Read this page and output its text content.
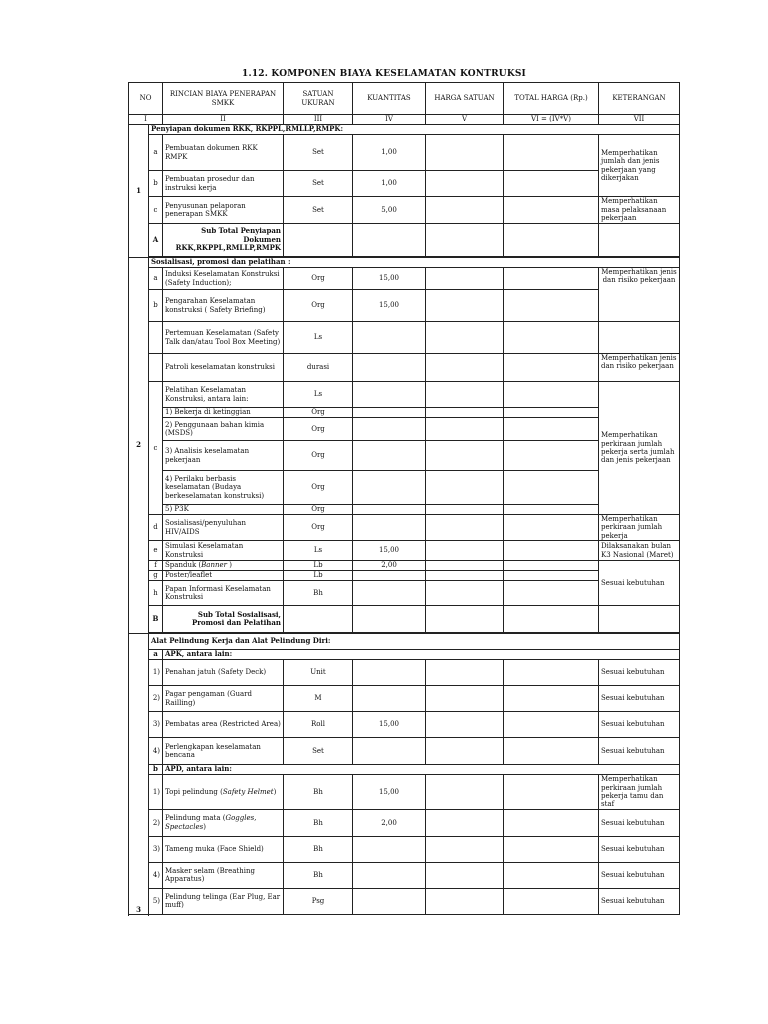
1.12. KOMPONEN BIAYA KESELAMATAN KONTRUKSI
NO		RINCIAN BIAYA PENERAPAN SMKK	SATUAN UKURAN	KUANTITAS	HARGA SATUAN	TOTAL HARGA (Rp.)	KETERANGAN
I		II	III	IV	V	VI = (IV*V)	VII
1	Penyiapan dokumen RKK, RKPPL,RMLLP,RMPK:						
	a	Pembuatan dokumen RKK RMPK	Set	1,00			Memperhatikan jumlah dan jenis pekerjaan yang dikerjakan
	b	Pembuatan prosedur dan instruksi kerja	Set	1,00			
	c	Penyusunan pelaporan penerapan SMKK	Set	5,00			Memperhatikan masa pelaksanaan pekerjaan
	A	Sub Total Penyiapan Dokumen RKK,RKPPL,RMLLP,RMPK					

2	Sosialisasi, promosi dan pelatihan :						
	a	Induksi Keselamatan Konstruksi (Safety Induction);	Org	15,00			Memperhatikan jenis dan risiko pekerjaan
	b	Pengarahan Keselamatan konstruksi ( Safety Briefing)	Org	15,00			
		Pertemuan Keselamatan (Safety Talk dan/atau Tool Box Meeting)	Ls				
		Patroli keselamatan konstruksi	durasi				Memperhatikan jenis dan risiko pekerjaan
	c	Pelatihan Keselamatan Konstruksi, antara lain:	Ls				Memperhatikan perkiraan jumlah pekerja serta jumlah dan jenis pekerjaan
		1) Bekerja di ketinggian	Org				
		2) Penggunaan bahan kimia (MSDS)	Org				
		3) Analisis keselamatan pekerjaan	Org				
		4) Perilaku berbasis keselamatan (Budaya berkeselamatan konstruksi)	Org				
		5) P3K	Org				
	d	Sosialisasi/penyuluhan HIV/AIDS	Org				Memperhatikan perkiraan jumlah pekerja
	e	Simulasi Keselamatan Konstruksi	Ls	15,00			Dilaksanakan bulan K3 Nasional (Maret)
	f	Spanduk (Banner )	Lb	2,00			Sesuai kebutuhan
	g	Poster/leaflet	Lb				
	h	Papan Informasi Keselamatan Konstruksi	Bh				
	B	Sub Total Sosialisasi, Promosi dan Pelatihan					

3	Alat Pelindung Kerja dan Alat Pelindung Diri:						
	a	APK, antara lain:					
	1)	Penahan jatuh (Safety Deck)	Unit				Sesuai kebutuhan
	2)	Pagar pengaman (Guard Railling)	M				Sesuai kebutuhan
	3)	Pembatas area (Restricted Area)	Roll	15,00			Sesuai kebutuhan
	4)	Perlengkapan keselamatan bencana	Set				Sesuai kebutuhan
	b	APD, antara lain:					
	1)	Topi pelindung (Safety Helmet)	Bh	15,00			Memperhatikan perkiraan jumlah pekerja tamu dan staf
	2)	Pelindung mata (Goggles, Spectacles)	Bh	2,00			Sesuai kebutuhan
	3)	Tameng muka (Face Shield)	Bh				Sesuai kebutuhan
	4)	Masker selam (Breathing Apparatus)	Bh				Sesuai kebutuhan
	5)	Pelindung telinga (Ear Plug, Ear muff)	Psg				Sesuai kebutuhan
